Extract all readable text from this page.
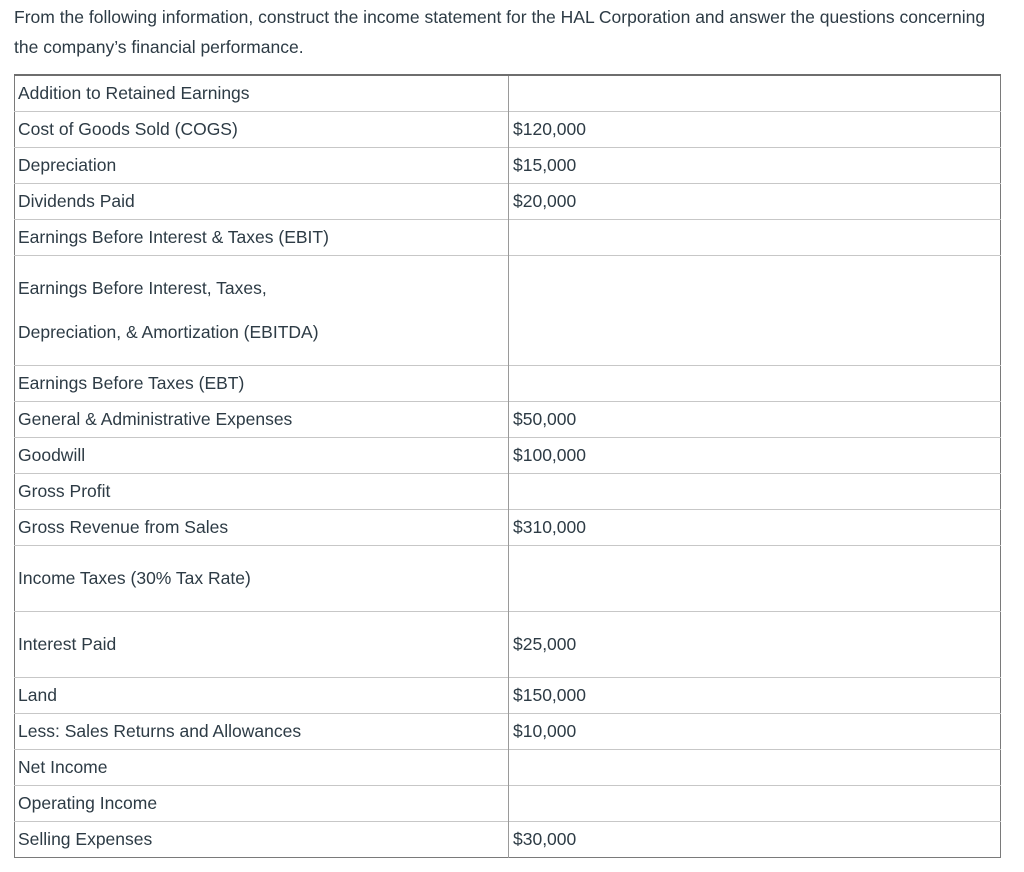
From the following information, construct the income statement for the HAL Corporation and answer the questions concerning the company’s financial performance.

Addition to Retained Earnings	
Cost of Goods Sold (COGS)	$120,000
Depreciation	$15,000
Dividends Paid	$20,000
Earnings Before Interest & Taxes (EBIT)	

Earnings Before Interest, Taxes,
Depreciation, & Amortization (EBITDA)	

Earnings Before Taxes (EBT)	
General & Administrative Expenses	$50,000
Goodwill	$100,000
Gross Profit	
Gross Revenue from Sales	$310,000
Income Taxes (30% Tax Rate)	
Interest Paid	$25,000
Land	$150,000
Less: Sales Returns and Allowances	$10,000
Net Income	
Operating Income	
Selling Expenses	$30,000
